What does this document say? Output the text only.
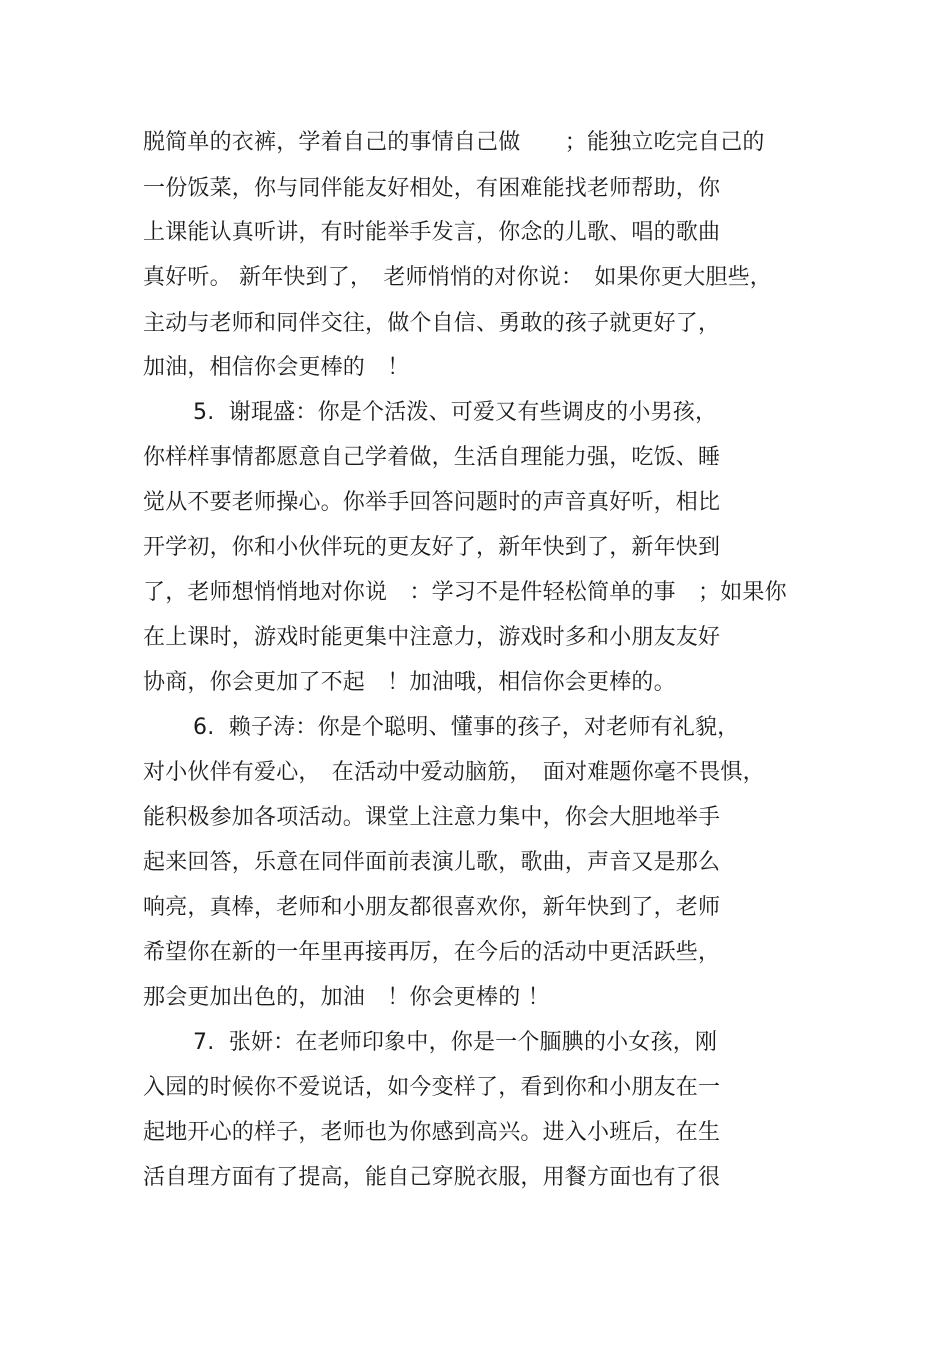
脱简单的衣裤，学着自己的事情自己做　　；能独立吃完自己的
一份饭菜，你与同伴能友好相处，有困难能找老师帮助，你
上课能认真听讲，有时能举手发言，你念的儿歌、唱的歌曲
真好听。 新年快到了，　老师悄悄的对你说：　如果你更大胆些，
主动与老师和同伴交往，做个自信、勇敢的孩子就更好了，
加油，相信你会更棒的　！
5.  谢琨盛：你是个活泼、可爱又有些调皮的小男孩，
你样样事情都愿意自己学着做，生活自理能力强，吃饭、睡
觉从不要老师操心。你举手回答问题时的声音真好听，相比
开学初，你和小伙伴玩的更友好了，新年快到了，新年快到
了，老师想悄悄地对你说　：学习不是件轻松简单的事　；如果你
在上课时，游戏时能更集中注意力，游戏时多和小朋友友好
协商，你会更加了不起　！加油哦，相信你会更棒的。
6.  赖子涛：你是个聪明、懂事的孩子，对老师有礼貌，
对小伙伴有爱心，　在活动中爱动脑筋，　面对难题你毫不畏惧，
能积极参加各项活动。课堂上注意力集中，你会大胆地举手
起来回答，乐意在同伴面前表演儿歌，歌曲，声音又是那么
响亮，真棒，老师和小朋友都很喜欢你，新年快到了，老师
希望你在新的一年里再接再厉，在今后的活动中更活跃些，
那会更加出色的，加油　！你会更棒的 ！
7.  张妍：在老师印象中，你是一个腼腆的小女孩，刚
入园的时候你不爱说话，如今变样了，看到你和小朋友在一
起地开心的样子，老师也为你感到高兴。进入小班后，在生
活自理方面有了提高，能自己穿脱衣服，用餐方面也有了很
